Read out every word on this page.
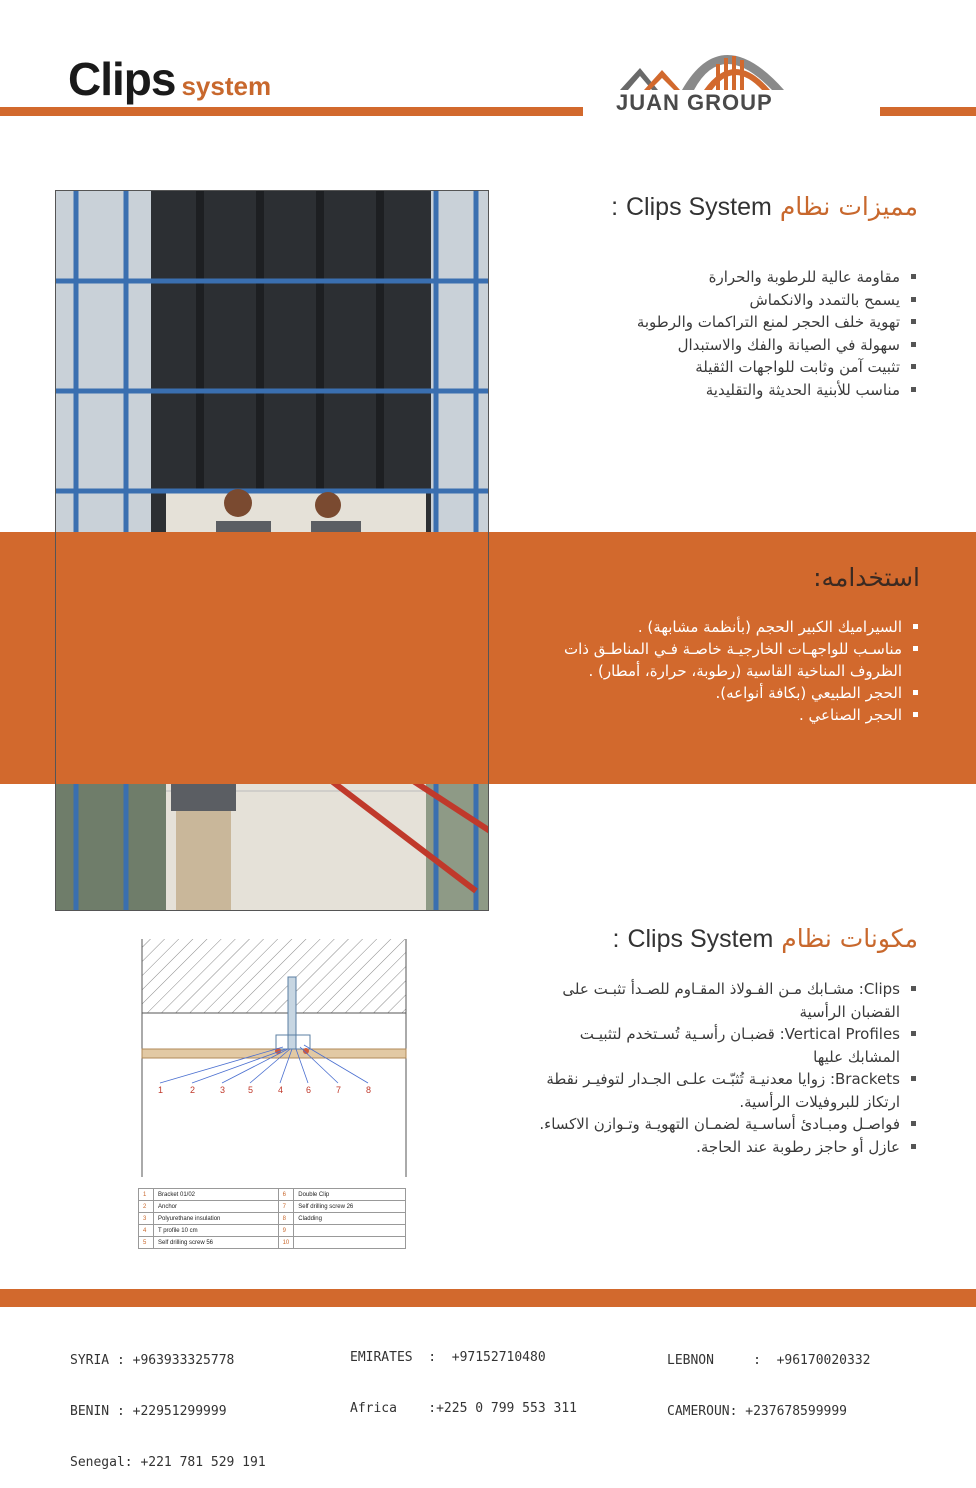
Clips system
JUAN GROUP
مميزات نظام Clips System :
مقاومة عالية للرطوبة والحرارة
يسمح بالتمدد والانكماش
تهوية خلف الحجر لمنع التراكمات والرطوبة
سهولة في الصيانة والفك والاستبدال
تثبيت آمن وثابت للواجهات الثقيلة
مناسب للأبنية الحديثة والتقليدية
استخدامه:
السيراميك الكبير الحجم (بأنظمة مشابهة) .
مناسـب للواجهـات الخارجيـة خاصـة فـي المناطـق ذات الظروف المناخية القاسية (رطوبة، حرارة، أمطار) .
الحجر الطبيعي (بكافة أنواعه).
الحجر الصناعي .
مكونات نظام Clips System :
Clips: مشـابك مـن الفـولاذ المقـاوم للصـدأ تثبـت على القضبان الرأسية
Vertical Profiles: قضبـان رأسـية تُسـتخدم لتثبيـت المشابك عليها
Brackets: زوايا معدنيـة تُثبّـت علـى الجـدار لتوفيـر نقطة ارتكاز للبروفيلات الرأسية.
فواصـل ومبـادئ أساسـية لضمـان التهويـة وتـوازن الاكساء.
عازل أو حاجز رطوبة عند الحاجة.
1	2	3	5	4	6	7	8
1	Bracket 01/02	6	Double Clip
2	Anchor	7	Self drilling screw 26
3	Polyurethane insulation	8	Cladding
4	T profile 10 cm	9	
5	Self drilling screw 56	10	

SYRIA : +963933325778

BENIN : +22951299999

Senegal: +221 781 529 191

EMIRATES  :  +97152710480

Africa    :+225 0 799 553 311

LEBNON     :  +96170020332

CAMEROUN: +237678599999
